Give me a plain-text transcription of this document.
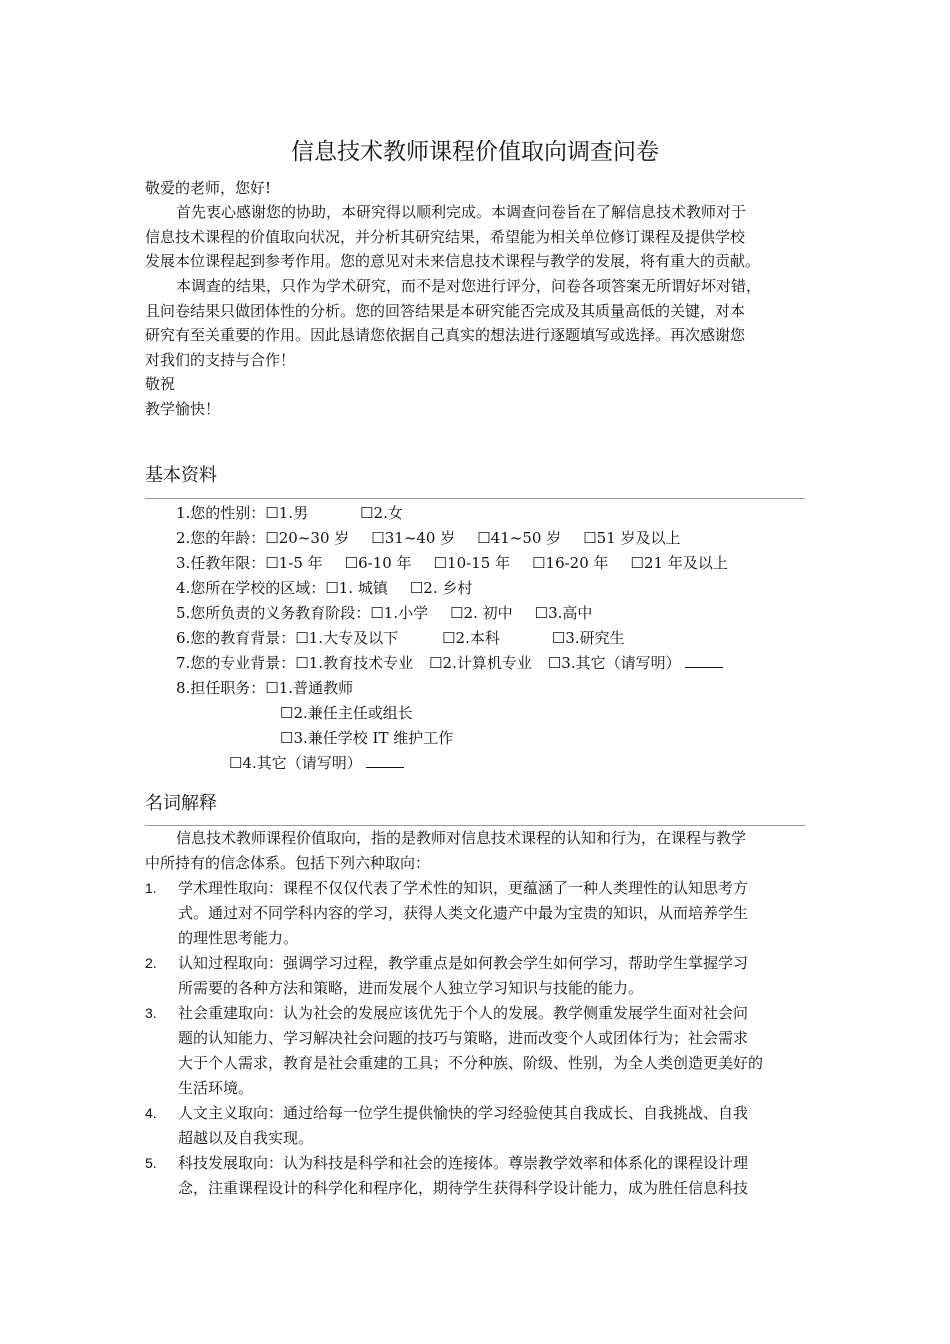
信息技术教师课程价值取向调查问卷
敬爱的老师，您好!
首先衷心感谢您的协助，本研究得以顺利完成。本调查问卷旨在了解信息技术教师对于
信息技术课程的价值取向状况，并分析其研究结果，希望能为相关单位修订课程及提供学校
发展本位课程起到参考作用。您的意见对未来信息技术课程与教学的发展，将有重大的贡献。
本调查的结果，只作为学术研究，而不是对您进行评分，问卷各项答案无所谓好坏对错，
且问卷结果只做团体性的分析。您的回答结果是本研究能否完成及其质量高低的关键，对本
研究有至关重要的作用。因此恳请您依据自己真实的想法进行逐题填写或选择。再次感谢您
对我们的支持与合作！
敬祝
教学愉快！
基本资料
1.您的性别：☐1.男	☐2.女
2.您的年龄：☐20~30 岁 ☐31~40 岁 ☐41~50 岁 ☐51 岁及以上
3.任教年限：☐1-5 年 ☐6-10 年 ☐10-15 年 ☐16-20 年 ☐21 年及以上
4.您所在学校的区域：☐1. 城镇 ☐2. 乡村
5.您所负责的义务教育阶段：☐1.小学 ☐2. 初中 ☐3.高中
6.您的教育背景：☐1.大专及以下	☐2.本科	☐3.研究生
7.您的专业背景：☐1.教育技术专业 ☐2.计算机专业 ☐3.其它（请写明）
8.担任职务：☐1.普通教师
☐2.兼任主任或组长
☐3.兼任学校 IT 维护工作
☐4.其它（请写明）
名词解释
信息技术教师课程价值取向，指的是教师对信息技术课程的认知和行为，在课程与教学
中所持有的信念体系。包括下列六种取向：
1. 学术理性取向：课程不仅仅代表了学术性的知识，更蕴涵了一种人类理性的认知思考方
式。通过对不同学科内容的学习，获得人类文化遗产中最为宝贵的知识，从而培养学生
的理性思考能力。
2. 认知过程取向：强调学习过程，教学重点是如何教会学生如何学习，帮助学生掌握学习
所需要的各种方法和策略，进而发展个人独立学习知识与技能的能力。
3. 社会重建取向：认为社会的发展应该优先于个人的发展。教学侧重发展学生面对社会问
题的认知能力、学习解决社会问题的技巧与策略，进而改变个人或团体行为；社会需求
大于个人需求，教育是社会重建的工具；不分种族、阶级、性别，为全人类创造更美好的
生活环境。
4. 人文主义取向：通过给每一位学生提供愉快的学习经验使其自我成长、自我挑战、自我
超越以及自我实现。
5. 科技发展取向：认为科技是科学和社会的连接体。尊崇教学效率和体系化的课程设计理
念，注重课程设计的科学化和程序化，期待学生获得科学设计能力，成为胜任信息科技
